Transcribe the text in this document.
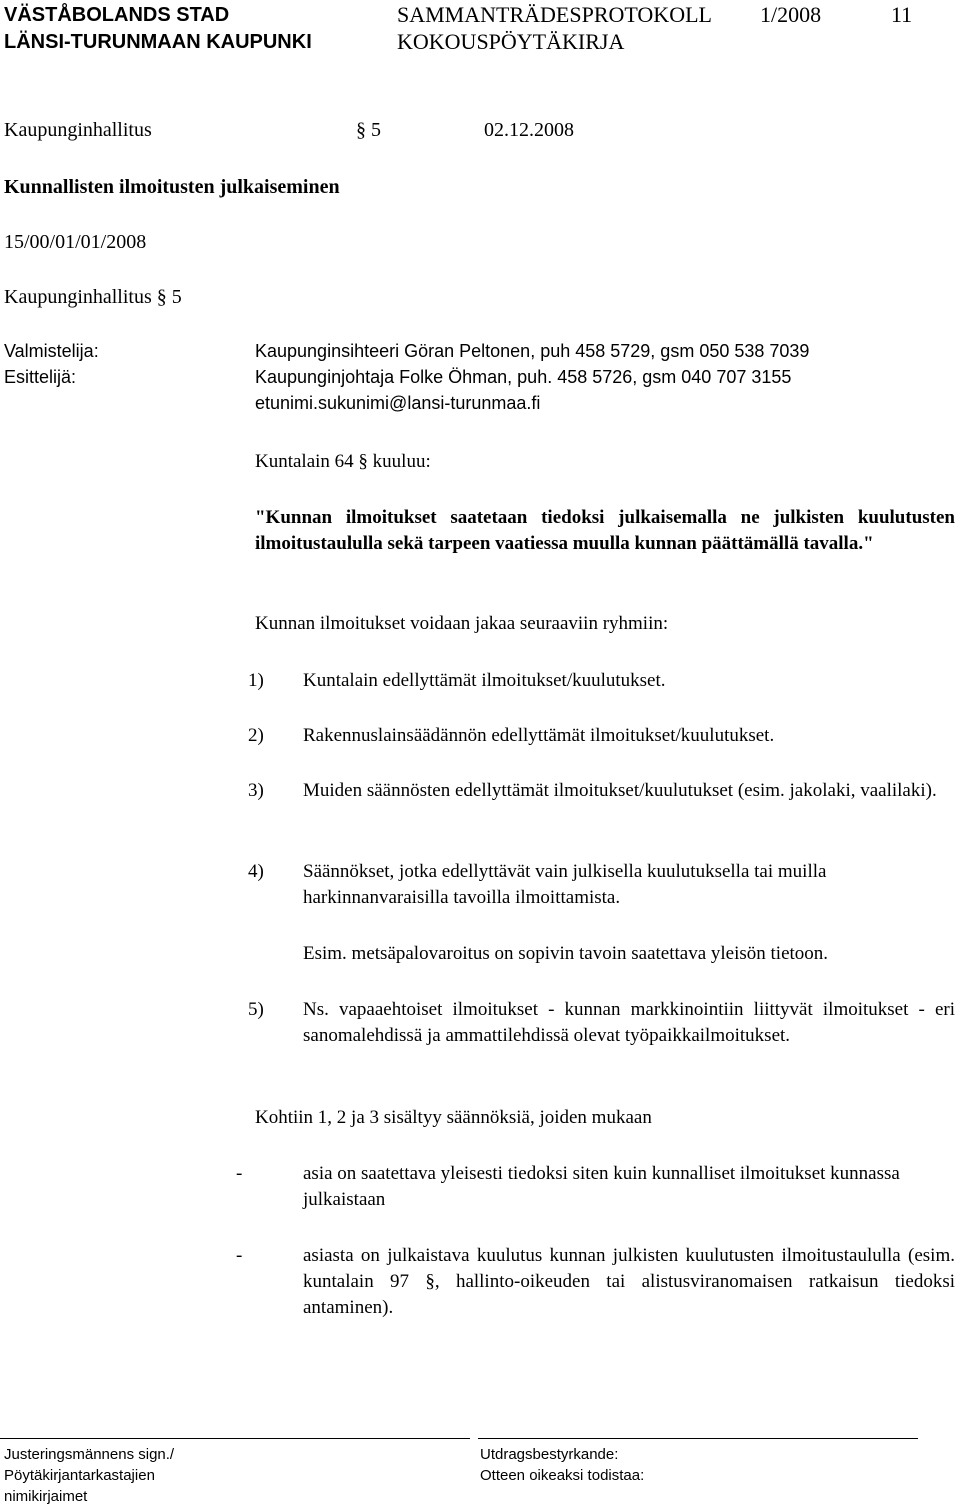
VÄSTÅBOLANDS STAD
LÄNSI-TURUNMAAN KAUPUNKI
SAMMANTRÄDESPROTOKOLL
KOKOUSPÖYTÄKIRJA
1/2008	11
Kaupunginhallitus	§ 5	02.12.2008
Kunnallisten ilmoitusten julkaiseminen
15/00/01/01/2008
Kaupunginhallitus § 5
Valmistelija:	Kaupunginsihteeri Göran Peltonen, puh 458 5729, gsm 050 538 7039
Esittelijä:	Kaupunginjohtaja Folke Öhman, puh. 458 5726, gsm 040 707 3155
etunimi.sukunimi@lansi-turunmaa.fi
Kuntalain 64 § kuuluu:
"Kunnan ilmoitukset saatetaan tiedoksi julkaisemalla ne julkisten kuulutusten ilmoitustaululla sekä tarpeen vaatiessa muulla kunnan päättämällä tavalla."
Kunnan ilmoitukset voidaan jakaa seuraaviin ryhmiin:
1) Kuntalain edellyttämät ilmoitukset/kuulutukset.
2) Rakennuslainsäädännön edellyttämät ilmoitukset/kuulutukset.
3) Muiden säännösten edellyttämät ilmoitukset/kuulutukset (esim. jakolaki, vaalilaki).
4) Säännökset, jotka edellyttävät vain julkisella kuulutuksella tai muilla harkinnanvaraisilla tavoilla ilmoittamista.
Esim. metsäpalovaroitus on sopivin tavoin saatettava yleisön tietoon.
5) Ns. vapaaehtoiset ilmoitukset - kunnan markkinointiin liittyvät ilmoitukset - eri sanomalehdissä ja ammattilehdissä olevat työpaikkailmoitukset.
Kohtiin 1, 2 ja 3 sisältyy säännöksiä, joiden mukaan
-	asia on saatettava yleisesti tiedoksi siten kuin kunnalliset ilmoitukset kunnassa julkaistaan
-	asiasta on julkaistava kuulutus kunnan julkisten kuulutusten ilmoitustaululla (esim. kuntalain 97 §, hallinto-oikeuden tai alistusviranomaisen ratkaisun tiedoksi antaminen).
Justeringsmännens sign./
Pöytäkirjantarkastajien
nimikirjaimet
Utdragsbestyrkande:
Otteen oikeaksi todistaa:
